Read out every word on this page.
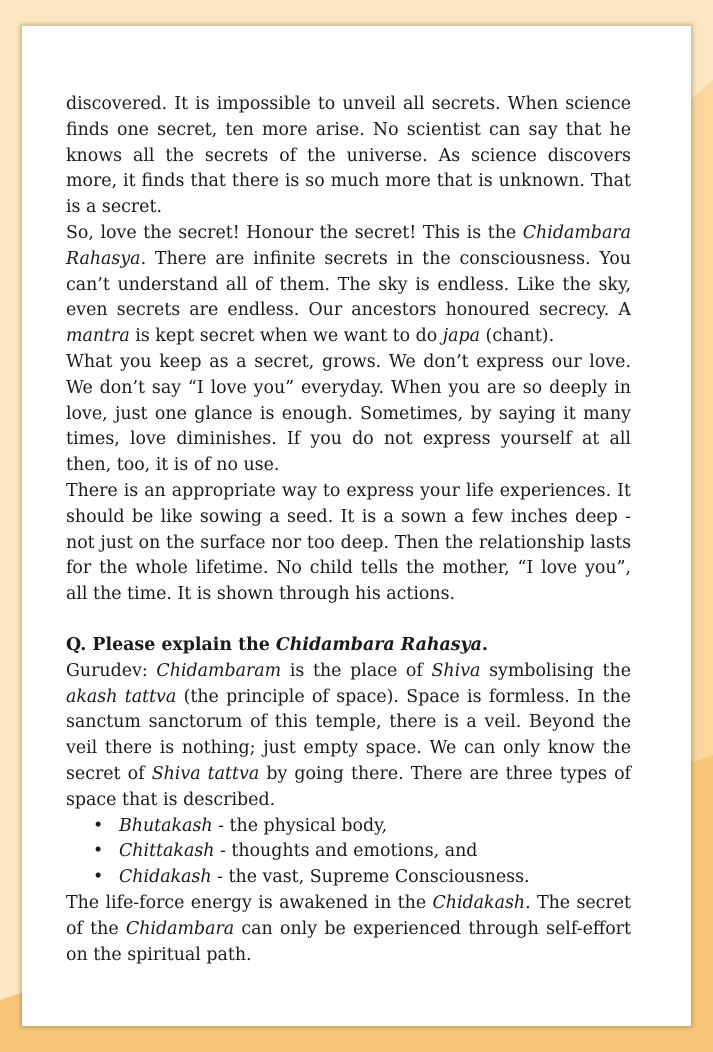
discovered. It is impossible to unveil all secrets. When science finds one secret, ten more arise. No scientist can say that he knows all the secrets of the universe. As science discovers more, it finds that there is so much more that is unknown. That is a secret.

So, love the secret! Honour the secret! This is the Chidambara Rahasya. There are infinite secrets in the consciousness. You can’t understand all of them. The sky is endless. Like the sky, even secrets are endless. Our ancestors honoured secrecy. A mantra is kept secret when we want to do japa (chant).

What you keep as a secret, grows. We don’t express our love. We don’t say “I love you” everyday. When you are so deeply in love, just one glance is enough. Sometimes, by saying it many times, love diminishes. If you do not express yourself at all then, too, it is of no use.

There is an appropriate way to express your life experiences. It should be like sowing a seed. It is a sown a few inches deep - not just on the surface nor too deep. Then the relationship lasts for the whole lifetime. No child tells the mother, “I love you”, all the time. It is shown through his actions.

Q. Please explain the Chidambara Rahasya.

Gurudev: Chidambaram is the place of Shiva symbolising the akash tattva (the principle of space). Space is formless. In the sanctum sanctorum of this temple, there is a veil. Beyond the veil there is nothing; just empty space. We can only know the secret of Shiva tattva by going there. There are three types of space that is described.

• Bhutakash - the physical body,
• Chittakash - thoughts and emotions, and
• Chidakash - the vast, Supreme Consciousness.

The life-force energy is awakened in the Chidakash. The secret of the Chidambara can only be experienced through self-effort on the spiritual path.
